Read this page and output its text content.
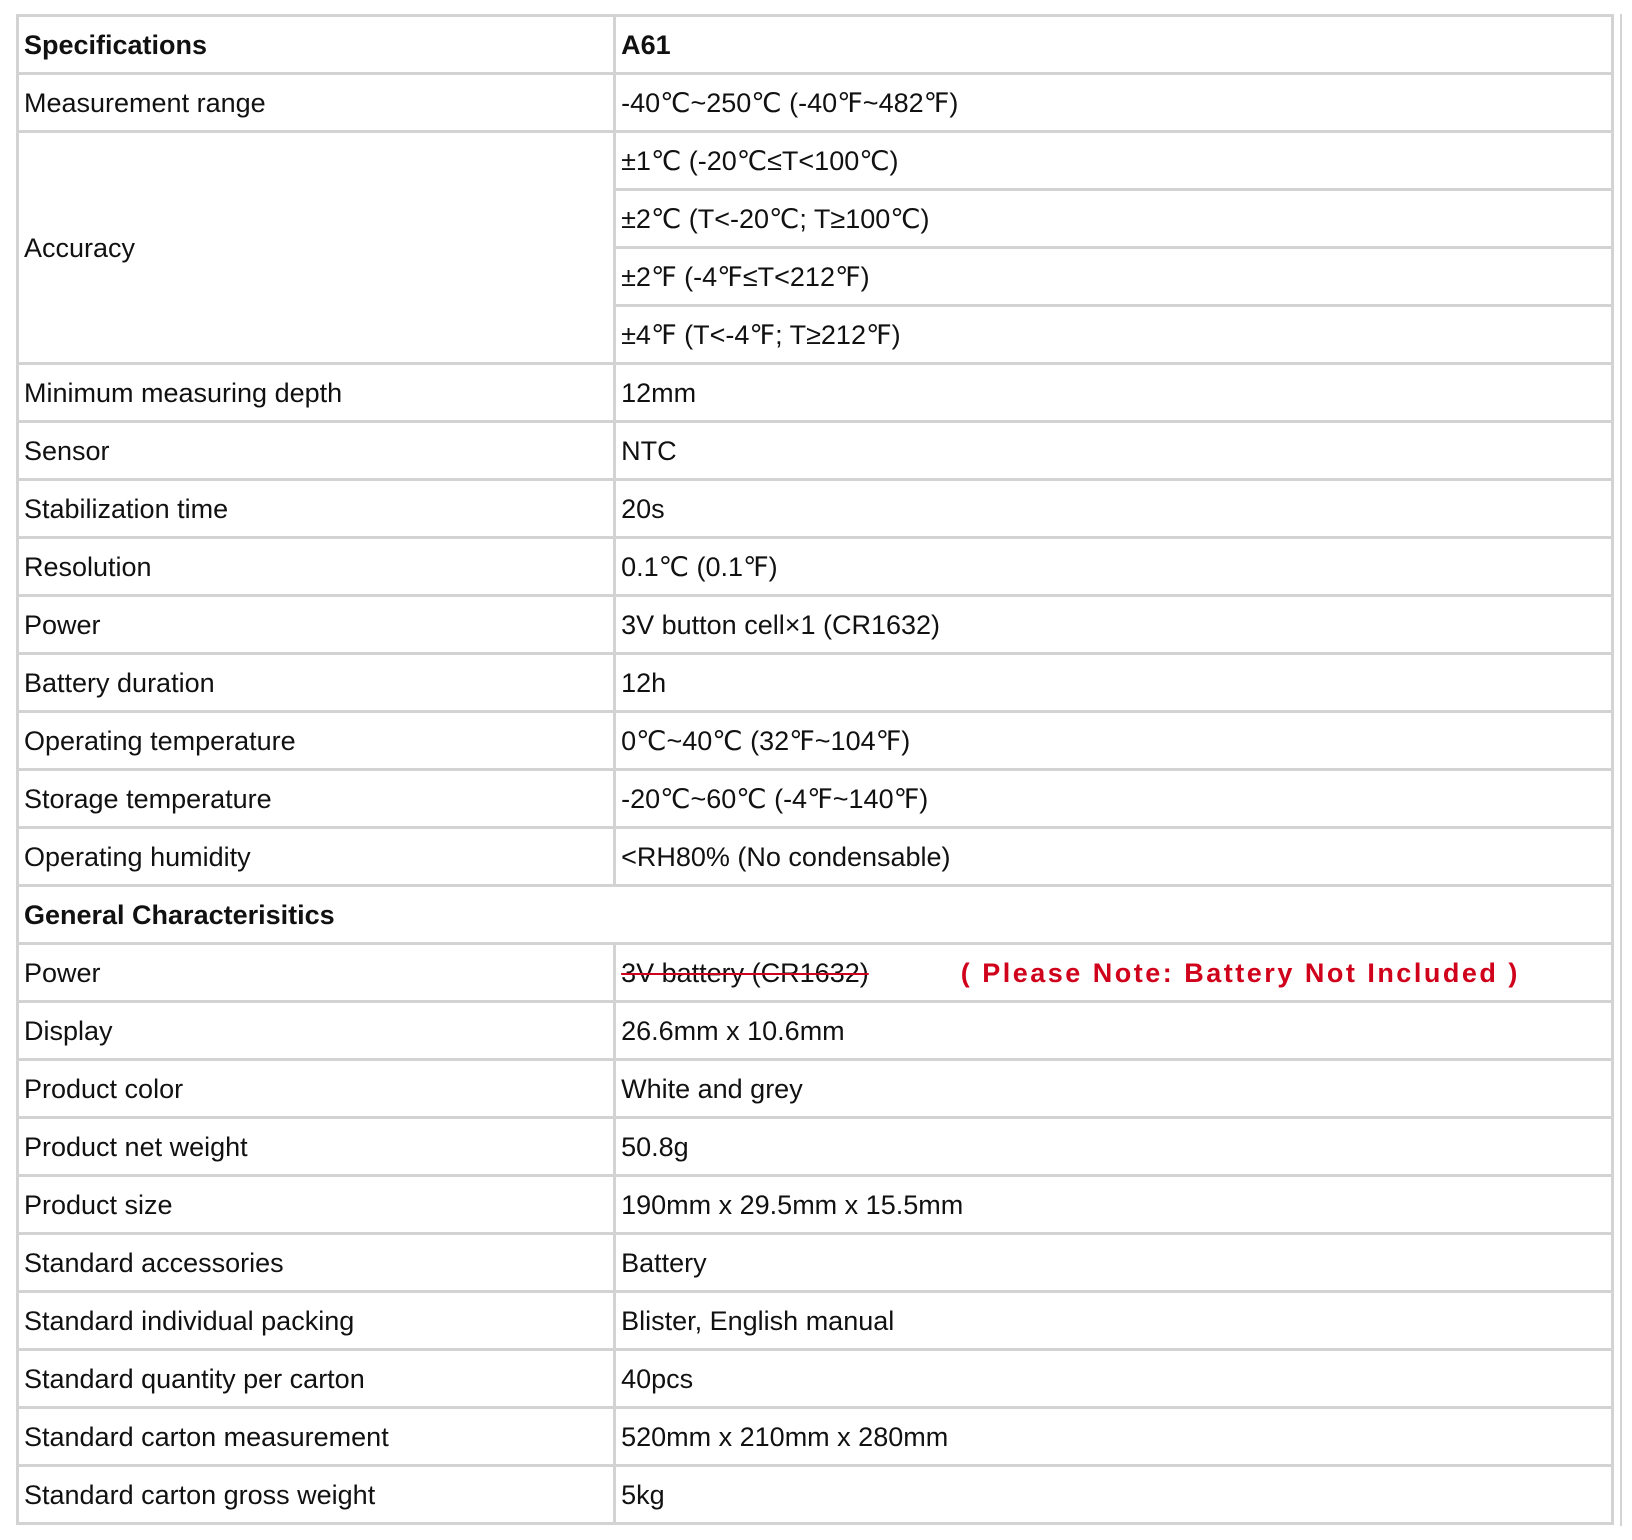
Specifications	A61
Measurement range	-40℃~250℃ (-40℉~482℉)
Accuracy	±1℃ (-20℃≤T<100℃)
	±2℃ (T<-20℃; T≥100℃)
	±2℉ (-4℉≤T<212℉)
	±4℉ (T<-4℉; T≥212℉)
Minimum measuring depth	12mm
Sensor	NTC
Stabilization time	20s
Resolution	0.1℃ (0.1℉)
Power	3V button cell×1 (CR1632)
Battery duration	12h
Operating temperature	0℃~40℃ (32℉~104℉)
Storage temperature	-20℃~60℃ (-4℉~140℉)
Operating humidity	<RH80% (No condensable)
General Characterisitics	
Power	3V battery (CR1632) ( Please Note: Battery Not Included )
Display	26.6mm x 10.6mm
Product color	White and grey
Product net weight	50.8g
Product size	190mm x 29.5mm x 15.5mm
Standard accessories	Battery
Standard individual packing	Blister, English manual
Standard quantity per carton	40pcs
Standard carton measurement	520mm x 210mm x 280mm
Standard carton gross weight	5kg
